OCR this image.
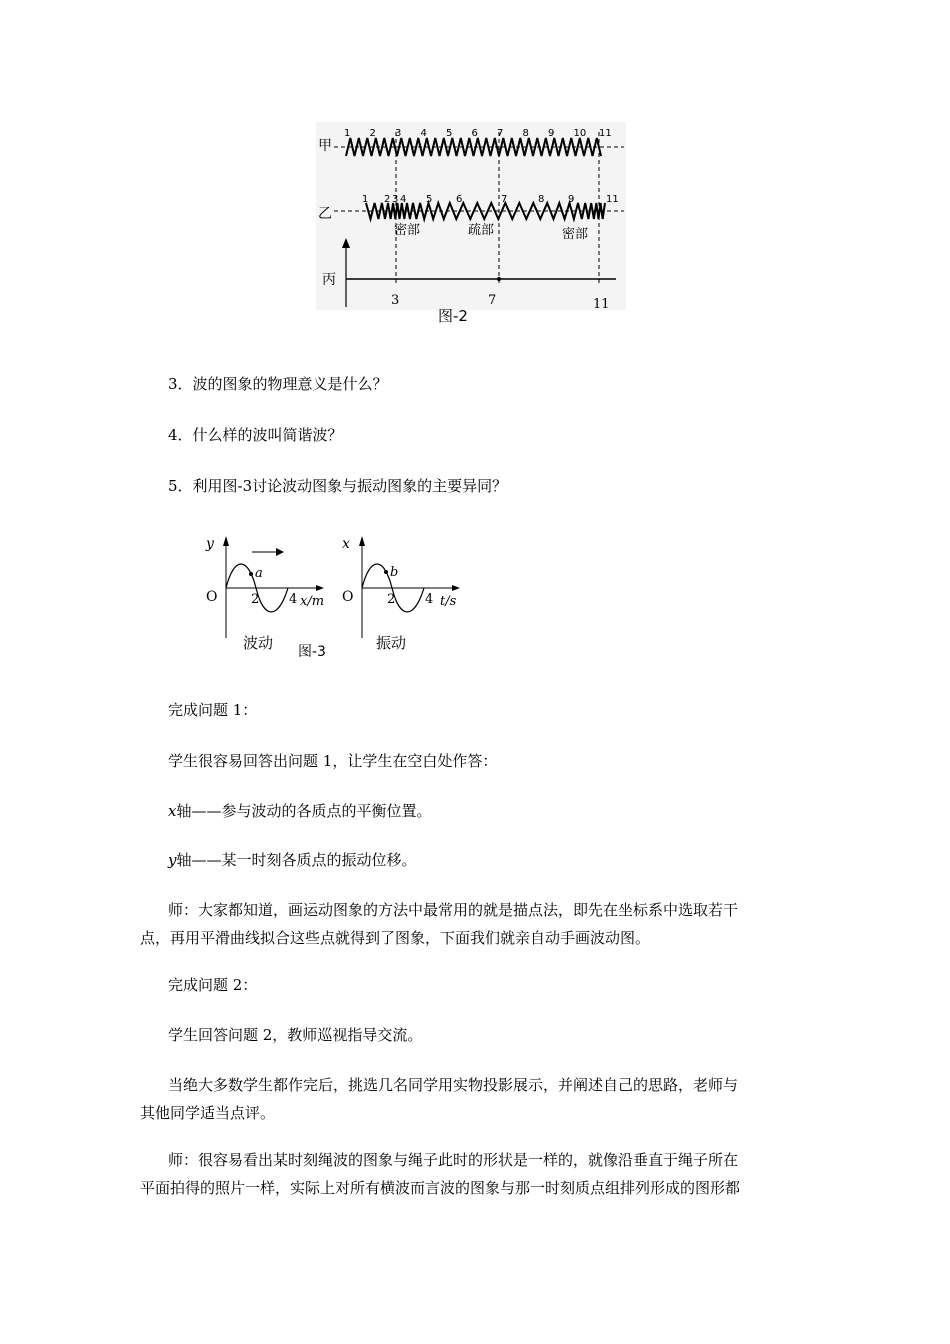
甲
乙
丙
1 2 3 4 5 6 7 8 9 10 11
1 2 3 4 5 6	7	8 9	11
密部	疏部	密部
3	7	11
图-2
a
y
O	2 4 x/m
波动
b
x
O	2 4 t/s
振动
图-3
3．波的图象的物理意义是什么？
4．什么样的波叫简谐波？
5．利用图-3讨论波动图象与振动图象的主要异同？
完成问题 1：
学生很容易回答出问题 1，让学生在空白处作答：
x轴——参与波动的各质点的平衡位置。
y轴——某一时刻各质点的振动位移。
师：大家都知道，画运动图象的方法中最常用的就是描点法，即先在坐标系中选取若干
点，再用平滑曲线拟合这些点就得到了图象，下面我们就亲自动手画波动图。
完成问题 2：
学生回答问题 2，教师巡视指导交流。
当绝大多数学生都作完后，挑选几名同学用实物投影展示，并阐述自己的思路，老师与
其他同学适当点评。
师：很容易看出某时刻绳波的图象与绳子此时的形状是一样的，就像沿垂直于绳子所在
平面拍得的照片一样，实际上对所有横波而言波的图象与那一时刻质点组排列形成的图形都
